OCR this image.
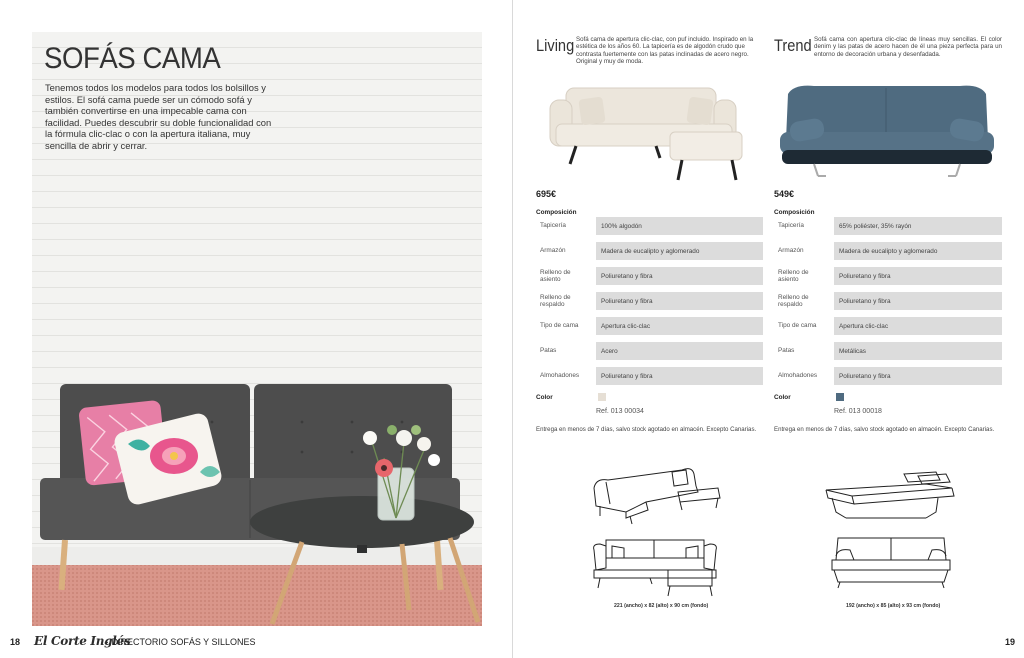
SOFÁS CAMA

Tenemos todos los modelos para todos los bolsillos y estilos. El sofá cama puede ser un cómodo sofá y también convertirse en una impecable cama con facilidad. Puedes descubrir su doble funcionalidad con la fórmula clic-clac o con la apertura italiana, muy sencilla de abrir y cerrar.

18 El Corte Inglés
· DIRECTORIO SOFÁS Y SILLONES
Living Sofá cama de apertura clic-clac, con puf incluido. Inspirado en la estética de los años 60. La tapicería es de algodón crudo que contrasta fuertemente con las patas inclinadas de acero negro. Original y muy de moda.
695€
Composición
Tapicería	100% algodón
Armazón	Madera de eucalipto y aglomerado
Relleno de asiento	Poliuretano y fibra
Relleno de respaldo	Poliuretano y fibra
Tipo de cama	Apertura clic-clac
Patas	Acero
Almohadones	Poliuretano y fibra
Color
Ref. 013 00034
Entrega en menos de 7 días, salvo stock agotado en almacén. Excepto Canarias.
Trend Sofá cama con apertura clic-clac de líneas muy sencillas. El color denim y las patas de acero hacen de él una pieza perfecta para un entorno de decoración urbana y desenfadada.
549€
Composición
Tapicería	65% poliéster, 35% rayón
Armazón	Madera de eucalipto y aglomerado
Relleno de asiento	Poliuretano y fibra
Relleno de respaldo	Poliuretano y fibra
Tipo de cama	Apertura clic-clac
Patas	Metálicas
Almohadones	Poliuretano y fibra
Color
Ref. 013 00018
Entrega en menos de 7 días, salvo stock agotado en almacén. Excepto Canarias.
221 (ancho) x 82 (alto) x 90 cm (fondo)	192 (ancho) x 85 (alto) x 93 cm (fondo)
19
